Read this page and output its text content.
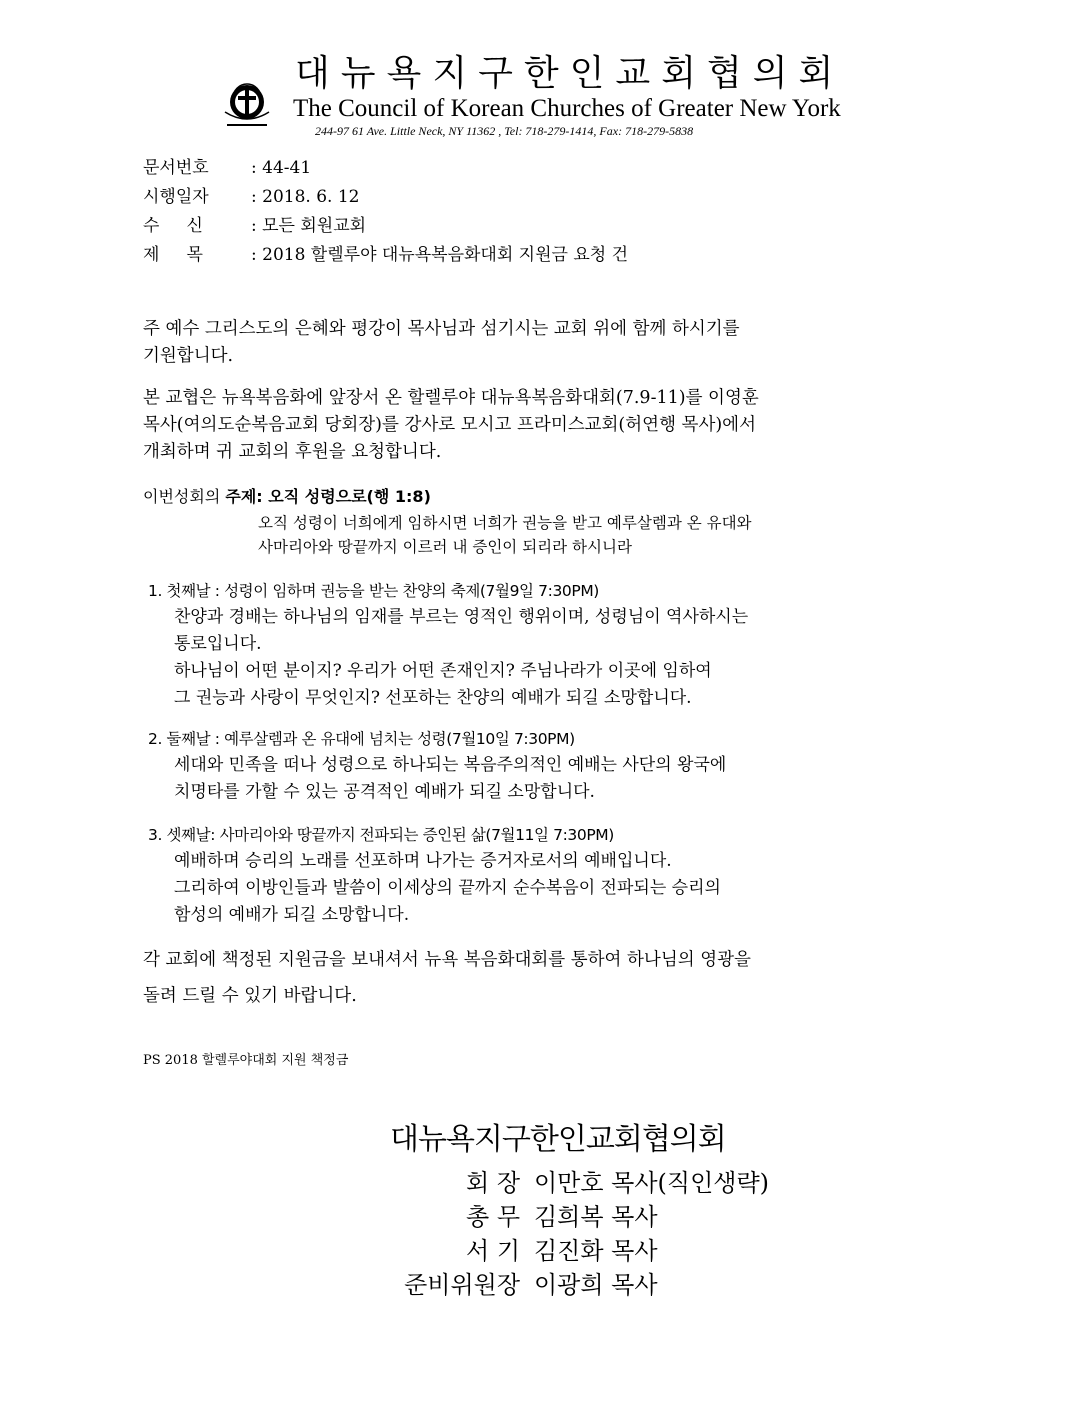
대뉴욕지구한인교회협의회
The Council of Korean Churches of Greater New York
244-97 61 Ave. Little Neck, NY 11362 , Tel: 718-279-1414, Fax: 718-279-5838
문서번호 : 44-41
시행일자 : 2018. 6. 12
수     신	: 모든 회원교회
제     목	: 2018 할렐루야 대뉴욕복음화대회 지원금 요청 건
주 예수 그리스도의 은혜와 평강이 목사님과 섬기시는 교회 위에 함께 하시기를
기원합니다.
본 교협은 뉴욕복음화에 앞장서 온 할렐루야 대뉴욕복음화대회(7.9-11)를 이영훈
목사(여의도순복음교회 당회장)를 강사로 모시고 프라미스교회(허연행 목사)에서
개최하며 귀 교회의 후원을 요청합니다.
이번성회의 주제: 오직 성령으로(행 1:8)
오직 성령이 너희에게 임하시면 너희가 권능을 받고 예루살렘과 온 유대와
사마리아와 땅끝까지 이르러 내 증인이 되리라 하시니라
1. 첫째날 : 성령이 임하며 권능을 받는 찬양의 축제(7월9일 7:30PM)
찬양과 경배는 하나님의 임재를 부르는 영적인 행위이며, 성령님이 역사하시는
통로입니다.
하나님이 어떤 분이지? 우리가 어떤 존재인지? 주님나라가 이곳에 임하여
그 권능과 사랑이 무엇인지? 선포하는 찬양의 예배가 되길 소망합니다.
2. 둘째날 : 예루살렘과 온 유대에 넘치는 성령(7월10일 7:30PM)
세대와 민족을 떠나 성령으로 하나되는 복음주의적인 예배는 사단의 왕국에
치명타를 가할 수 있는 공격적인 예배가 되길 소망합니다.
3. 셋째날: 사마리아와 땅끝까지 전파되는 증인된 삶(7월11일 7:30PM)
예배하며 승리의 노래를 선포하며 나가는 증거자로서의 예배입니다.
그리하여 이방인들과 발씀이 이세상의 끝까지 순수복음이 전파되는 승리의
함성의 예배가 되길 소망합니다.
각 교회에 책정된 지원금을 보내셔서 뉴욕 복음화대회를 통하여 하나님의 영광을
돌려 드릴 수 있기 바랍니다.
PS 2018 할렐루야대회 지원 책정금
대뉴욕지구한인교회협의회
회 장 이만호 목사(직인생략)
총 무 김희복 목사
서 기 김진화 목사
준비위원장 이광희 목사
